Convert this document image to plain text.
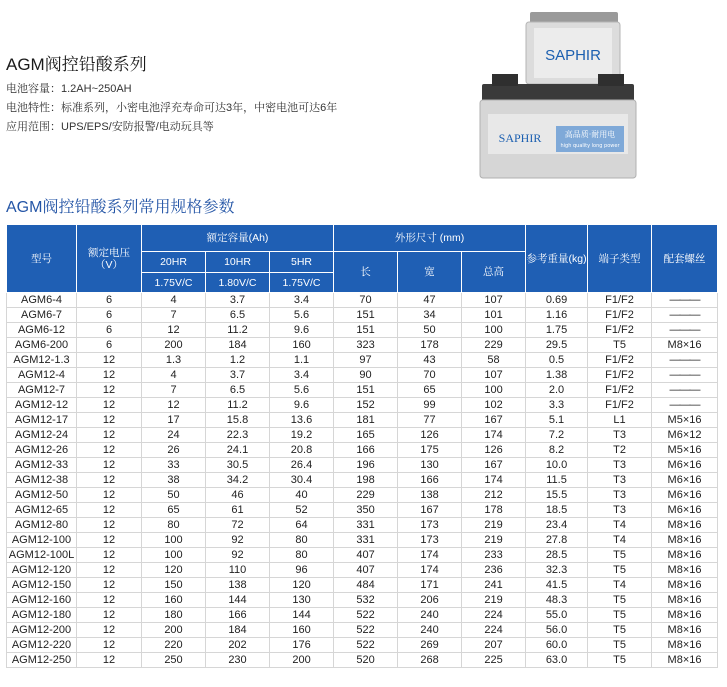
AGM阀控铅酸系列
电池容量：1.2AH~250AH
电池特性：标准系列，小密电池浮充寿命可达3年，中密电池可达6年
应用范围：UPS/EPS/安防报警/电动玩具等
SAPHIR
SAPHIR	高品质·耐用电
high quality long power
AGM阀控铅酸系列常用规格参数
型号	额定电压（V）	额定容量(Ah)			外形尺寸 (mm)			参考重量(kg)	端子类型	配套螺丝
		20HR	10HR	5HR	长	宽	总高			
		1.75V/C	1.80V/C	1.75V/C						
AGM6-4	6	4	3.7	3.4	70	47	107	0.69	F1/F2	———
AGM6-7	6	7	6.5	5.6	151	34	101	1.16	F1/F2	———
AGM6-12	6	12	11.2	9.6	151	50	100	1.75	F1/F2	———
AGM6-200	6	200	184	160	323	178	229	29.5	T5	M8×16
AGM12-1.3	12	1.3	1.2	1.1	97	43	58	0.5	F1/F2	———
AGM12-4	12	4	3.7	3.4	90	70	107	1.38	F1/F2	———
AGM12-7	12	7	6.5	5.6	151	65	100	2.0	F1/F2	———
AGM12-12	12	12	11.2	9.6	152	99	102	3.3	F1/F2	———
AGM12-17	12	17	15.8	13.6	181	77	167	5.1	L1	M5×16
AGM12-24	12	24	22.3	19.2	165	126	174	7.2	T3	M6×12
AGM12-26	12	26	24.1	20.8	166	175	126	8.2	T2	M5×16
AGM12-33	12	33	30.5	26.4	196	130	167	10.0	T3	M6×16
AGM12-38	12	38	34.2	30.4	198	166	174	11.5	T3	M6×16
AGM12-50	12	50	46	40	229	138	212	15.5	T3	M6×16
AGM12-65	12	65	61	52	350	167	178	18.5	T3	M6×16
AGM12-80	12	80	72	64	331	173	219	23.4	T4	M8×16
AGM12-100	12	100	92	80	331	173	219	27.8	T4	M8×16
AGM12-100L	12	100	92	80	407	174	233	28.5	T5	M8×16
AGM12-120	12	120	110	96	407	174	236	32.3	T5	M8×16
AGM12-150	12	150	138	120	484	171	241	41.5	T4	M8×16
AGM12-160	12	160	144	130	532	206	219	48.3	T5	M8×16
AGM12-180	12	180	166	144	522	240	224	55.0	T5	M8×16
AGM12-200	12	200	184	160	522	240	224	56.0	T5	M8×16
AGM12-220	12	220	202	176	522	269	207	60.0	T5	M8×16
AGM12-250	12	250	230	200	520	268	225	63.0	T5	M8×16
